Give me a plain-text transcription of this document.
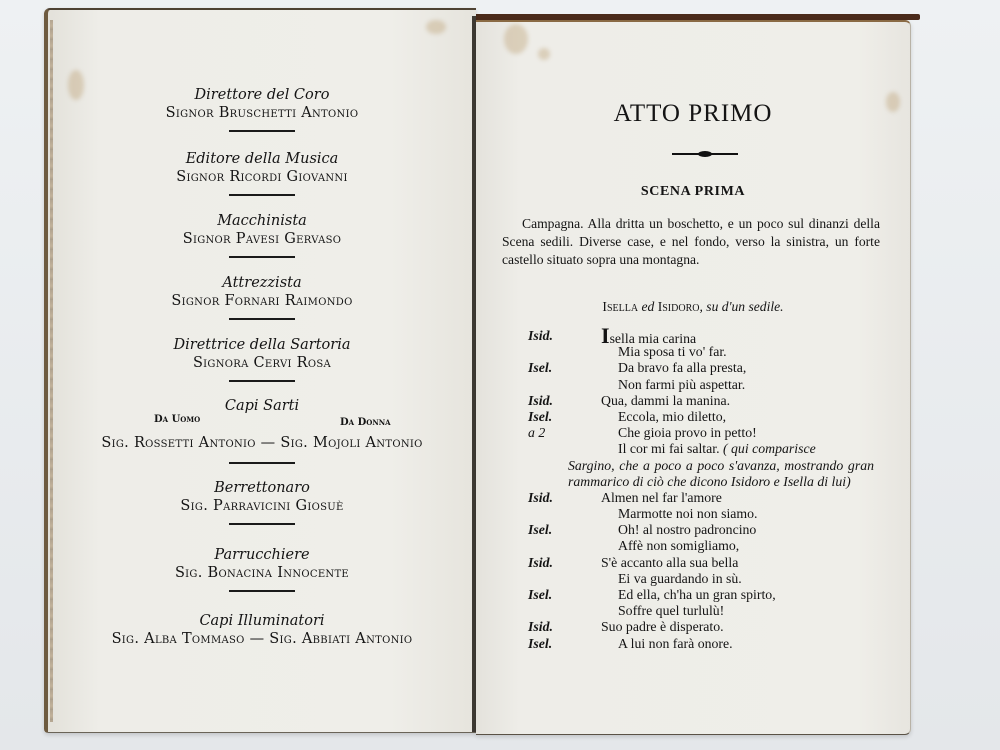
Direttore del Coro

Signor Bruschetti Antonio

Editore della Musica

Signor Ricordi Giovanni

Macchinista

Signor Pavesi Gervaso

Attrezzista

Signor Fornari Raimondo

Direttrice della Sartoria

Signora Cervi Rosa

Capi Sarti

Da Uomo	Da Donna

Sig. Rossetti Antonio — Sig. Mojoli Antonio

Berrettonaro

Sig. Parravicini Giosuè

Parrucchiere

Sig. Bonacina Innocente

Capi Illuminatori

Sig. Alba Tommaso — Sig. Abbiati Antonio

ATTO PRIMO
SCENA PRIMA

Campagna. Alla dritta un boschetto, e un poco sul dinanzi della Scena sedili. Diverse case, e nel fondo, verso la sinistra, un forte castello situato sopra una montagna.

Isella ed Isidoro, su d'un sedile.
Isid. Isella mia carina
Mia sposa ti vo' far.
Isel.	Da bravo fa alla presta,
Non farmi più aspettar.
Isid.	Qua, dammi la manina.
Isel.	Eccola, mio diletto,
a 2	Che gioia provo in petto!
Il cor mi fai saltar. ( qui comparisce
Sargino, che a poco a poco s'avanza, mostrando gran rammarico di ciò che dicono Isidoro e Isella di lui)
Isid.	Almen nel far l'amore
Marmotte noi non siamo.
Isel.	Oh! al nostro padroncino
Affè non somigliamo,
Isid.	S'è accanto alla sua bella
Ei va guardando in sù.
Isel.	Ed ella, ch'ha un gran spirto,
Soffre quel turlulù!
Isid.	Suo padre è disperato.
Isel.	A lui non farà onore.
